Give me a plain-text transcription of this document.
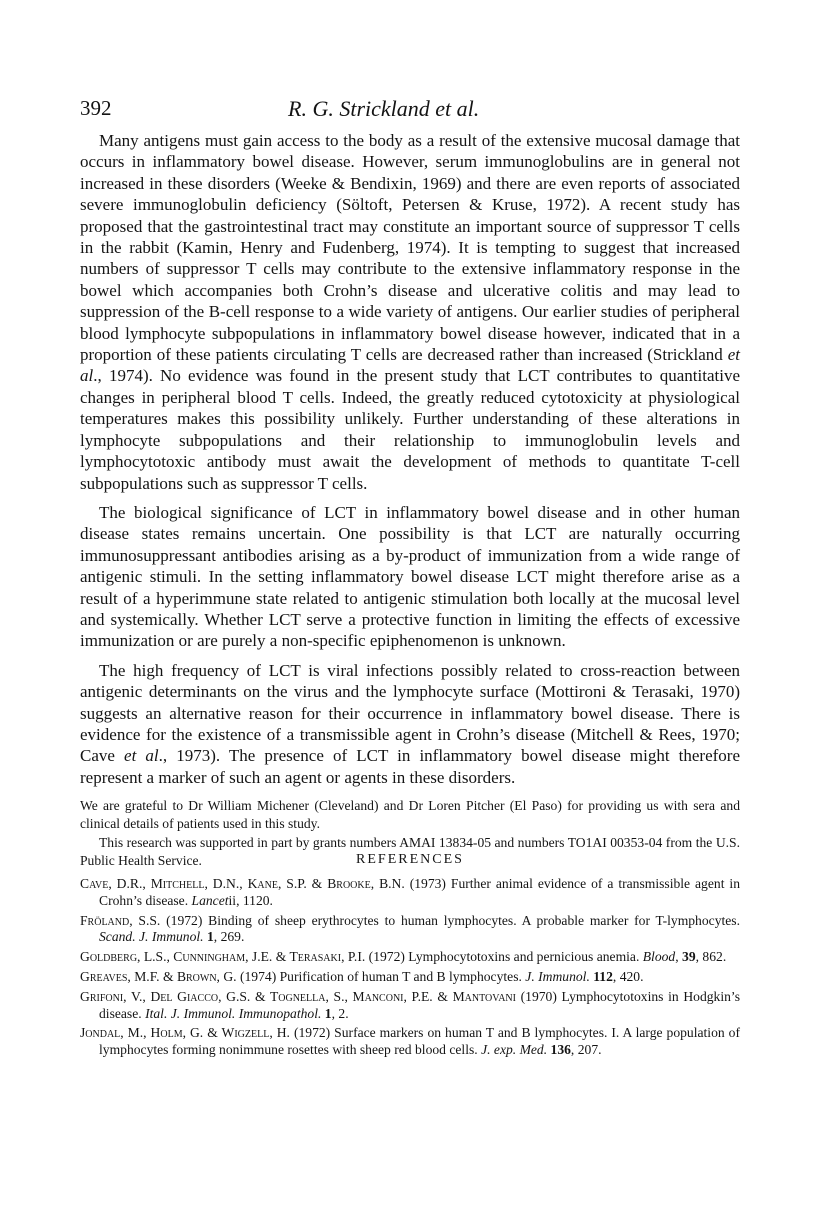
392	R. G. Strickland et al.

Many antigens must gain access to the body as a result of the extensive mucosal damage that occurs in inflammatory bowel disease. However, serum immunoglobulins are in general not increased in these disorders (Weeke & Bendixin, 1969) and there are even reports of associated severe immunoglobulin deficiency (Söltoft, Petersen & Kruse, 1972). A recent study has proposed that the gastrointestinal tract may constitute an important source of suppressor T cells in the rabbit (Kamin, Henry and Fudenberg, 1974). It is tempting to suggest that increased numbers of suppressor T cells may contribute to the extensive inflammatory response in the bowel which accompanies both Crohn’s disease and ulcerative colitis and may lead to suppression of the B-cell response to a wide variety of antigens. Our earlier studies of peripheral blood lymphocyte subpopulations in inflammatory bowel disease however, indicated that in a proportion of these patients circulating T cells are decreased rather than increased (Strickland et al., 1974). No evidence was found in the present study that LCT contributes to quantitative changes in peripheral blood T cells. Indeed, the greatly reduced cytotoxicity at physiological temperatures makes this possibility unlikely. Further understanding of these alterations in lymphocyte subpopulations and their relationship to immunoglobulin levels and lymphocytotoxic antibody must await the development of methods to quantitate T-cell subpopulations such as suppressor T cells.

The biological significance of LCT in inflammatory bowel disease and in other human disease states remains uncertain. One possibility is that LCT are naturally occurring immunosuppressant antibodies arising as a by-product of immunization from a wide range of antigenic stimuli. In the setting inflammatory bowel disease LCT might therefore arise as a result of a hyperimmune state related to antigenic stimulation both locally at the mucosal level and systemically. Whether LCT serve a protective function in limiting the effects of excessive immunization or are purely a non-specific epiphenomenon is unknown.

The high frequency of LCT is viral infections possibly related to cross-reaction between antigenic determinants on the virus and the lymphocyte surface (Mottironi & Terasaki, 1970) suggests an alternative reason for their occurrence in inflammatory bowel disease. There is evidence for the existence of a transmissible agent in Crohn’s disease (Mitchell & Rees, 1970; Cave et al., 1973). The presence of LCT in inflammatory bowel disease might therefore represent a marker of such an agent or agents in these disorders.

We are grateful to Dr William Michener (Cleveland) and Dr Loren Pitcher (El Paso) for providing us with sera and clinical details of patients used in this study.

This research was supported in part by grants numbers AMAI 13834-05 and numbers TO1AI 00353-04 from the U.S. Public Health Service.	REFERENCES
Cave, D.R., Mitchell, D.N., Kane, S.P. & Brooke, B.N. (1973) Further animal evidence of a transmissible agent in Crohn’s disease. Lancetii, 1120.
Fröland, S.S. (1972) Binding of sheep erythrocytes to human lymphocytes. A probable marker for T-lymphocytes. Scand. J. Immunol. 1, 269.
Goldberg, L.S., Cunningham, J.E. & Terasaki, P.I. (1972) Lymphocytotoxins and pernicious anemia. Blood, 39, 862.
Greaves, M.F. & Brown, G. (1974) Purification of human T and B lymphocytes. J. Immunol. 112, 420.
Grifoni, V., Del Giacco, G.S. & Tognella, S., Manconi, P.E. & Mantovani (1970) Lymphocytotoxins in Hodgkin’s disease. Ital. J. Immunol. Immunopathol. 1, 2.
Jondal, M., Holm, G. & Wigzell, H. (1972) Surface markers on human T and B lymphocytes. I. A large population of lymphocytes forming nonimmune rosettes with sheep red blood cells. J. exp. Med. 136, 207.
